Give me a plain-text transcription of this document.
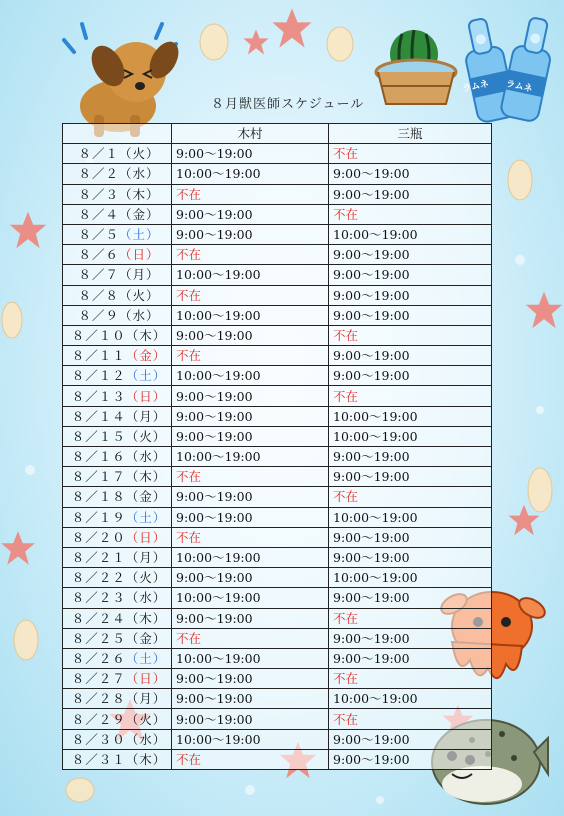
ラムネ ラムネ
８月獣医師スケジュール
	木村	三瓶
８／１（火）	9:00～19:00	不在
８／２（水）	10:00～19:00	9:00～19:00
８／３（木）	不在	9:00～19:00
８／４（金）	9:00～19:00	不在
８／５（土）	9:00～19:00	10:00～19:00
８／６（日）	不在	9:00～19:00
８／７（月）	10:00～19:00	9:00～19:00
８／８（火）	不在	9:00～19:00
８／９（水）	10:00～19:00	9:00～19:00
８／１０（木）	9:00～19:00	不在
８／１１（金）	不在	9:00～19:00
８／１２（土）	10:00～19:00	9:00～19:00
８／１３（日）	9:00～19:00	不在
８／１４（月）	9:00～19:00	10:00～19:00
８／１５（火）	9:00～19:00	10:00～19:00
８／１６（水）	10:00～19:00	9:00～19:00
８／１７（木）	不在	9:00～19:00
８／１８（金）	9:00～19:00	不在
８／１９（土）	9:00～19:00	10:00～19:00
８／２０（日）	不在	9:00～19:00
８／２１（月）	10:00～19:00	9:00～19:00
８／２２（火）	9:00～19:00	10:00～19:00
８／２３（水）	10:00～19:00	9:00～19:00
８／２４（木）	9:00～19:00	不在
８／２５（金）	不在	9:00～19:00
８／２６（土）	10:00～19:00	9:00～19:00
８／２７（日）	9:00～19:00	不在
８／２８（月）	9:00～19:00	10:00～19:00
８／２９（火）	9:00～19:00	不在
８／３０（水）	10:00～19:00	9:00～19:00
８／３１（木）	不在	9:00～19:00
